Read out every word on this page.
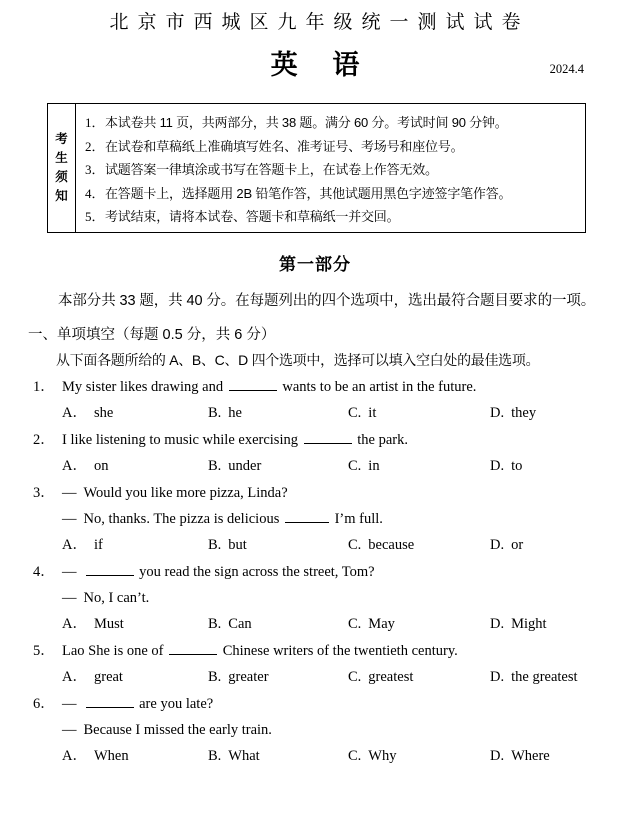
北京市西城区九年级统一测试试卷
英 语	2024.4
考
生
须
知
1． 本试卷共 11 页，共两部分，共 38 题。满分 60 分。考试时间 90 分钟。
2． 在试卷和草稿纸上准确填写姓名、准考证号、考场号和座位号。
3． 试题答案一律填涂或书写在答题卡上，在试卷上作答无效。
4． 在答题卡上，选择题用 2B 铅笔作答，其他试题用黑色字迹签字笔作答。
5． 考试结束，请将本试卷、答题卡和草稿纸一并交回。
第一部分
本部分共 33 题，共 40 分。在每题列出的四个选项中，选出最符合题目要求的一项。
一、单项填空（每题 0.5 分，共 6 分）
从下面各题所给的 A、B、C、D 四个选项中，选择可以填入空白处的最佳选项。
1． My sister likes drawing and	wants to be an artist in the future.
A． she	B. he	C. it	D. they
2． I like listening to music while exercising	the park.
A． on	B. under	C. in	D. to
3． — Would you like more pizza, Linda?
— No, thanks. The pizza is delicious	I’m full.
A． if	B. but	C. because	D. or
4． —	you read the sign across the street, Tom?
— No, I can’t.
A． Must	B. Can	C. May	D. Might
5． Lao She is one of	Chinese writers of the twentieth century.
A． great	B. greater	C. greatest	D. the greatest
6． —	are you late?
— Because I missed the early train.
A． When	B. What	C. Why	D. Where
